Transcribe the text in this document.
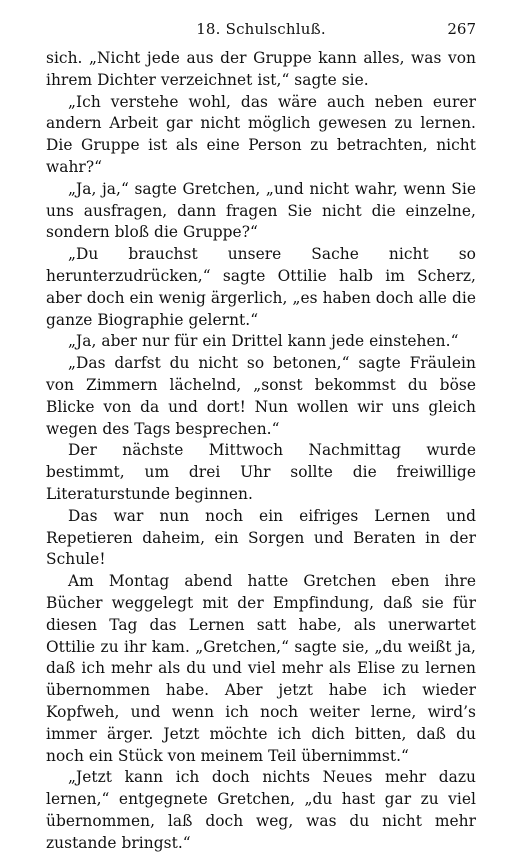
18. Schulschluß.	267

sich. „Nicht jede aus der Gruppe kann alles, was von ihrem Dichter verzeichnet ist,“ sagte sie.

„Ich verstehe wohl, das wäre auch neben eurer andern Arbeit gar nicht möglich gewesen zu lernen. Die Gruppe ist als eine Person zu betrachten, nicht wahr?“

„Ja, ja,“ sagte Gretchen, „und nicht wahr, wenn Sie uns ausfragen, dann fragen Sie nicht die einzelne, sondern bloß die Gruppe?“

„Du brauchst unsere Sache nicht so herunterzudrücken,“ sagte Ottilie halb im Scherz, aber doch ein wenig ärgerlich, „es haben doch alle die ganze Biographie gelernt.“

„Ja, aber nur für ein Drittel kann jede einstehen.“

„Das darfst du nicht so betonen,“ sagte Fräulein von Zimmern lächelnd, „sonst bekommst du böse Blicke von da und dort! Nun wollen wir uns gleich wegen des Tags besprechen.“

Der nächste Mittwoch Nachmittag wurde bestimmt, um drei Uhr sollte die freiwillige Literaturstunde beginnen.

Das war nun noch ein eifriges Lernen und Repetieren daheim, ein Sorgen und Beraten in der Schule!

Am Montag abend hatte Gretchen eben ihre Bücher weggelegt mit der Empfindung, daß sie für diesen Tag das Lernen satt habe, als unerwartet Ottilie zu ihr kam. „Gretchen,“ sagte sie, „du weißt ja, daß ich mehr als du und viel mehr als Elise zu lernen übernommen habe. Aber jetzt habe ich wieder Kopfweh, und wenn ich noch weiter lerne, wird’s immer ärger. Jetzt möchte ich dich bitten, daß du noch ein Stück von meinem Teil übernimmst.“

„Jetzt kann ich doch nichts Neues mehr dazu lernen,“ entgegnete Gretchen, „du hast gar zu viel übernommen, laß doch weg, was du nicht mehr zustande bringst.“
